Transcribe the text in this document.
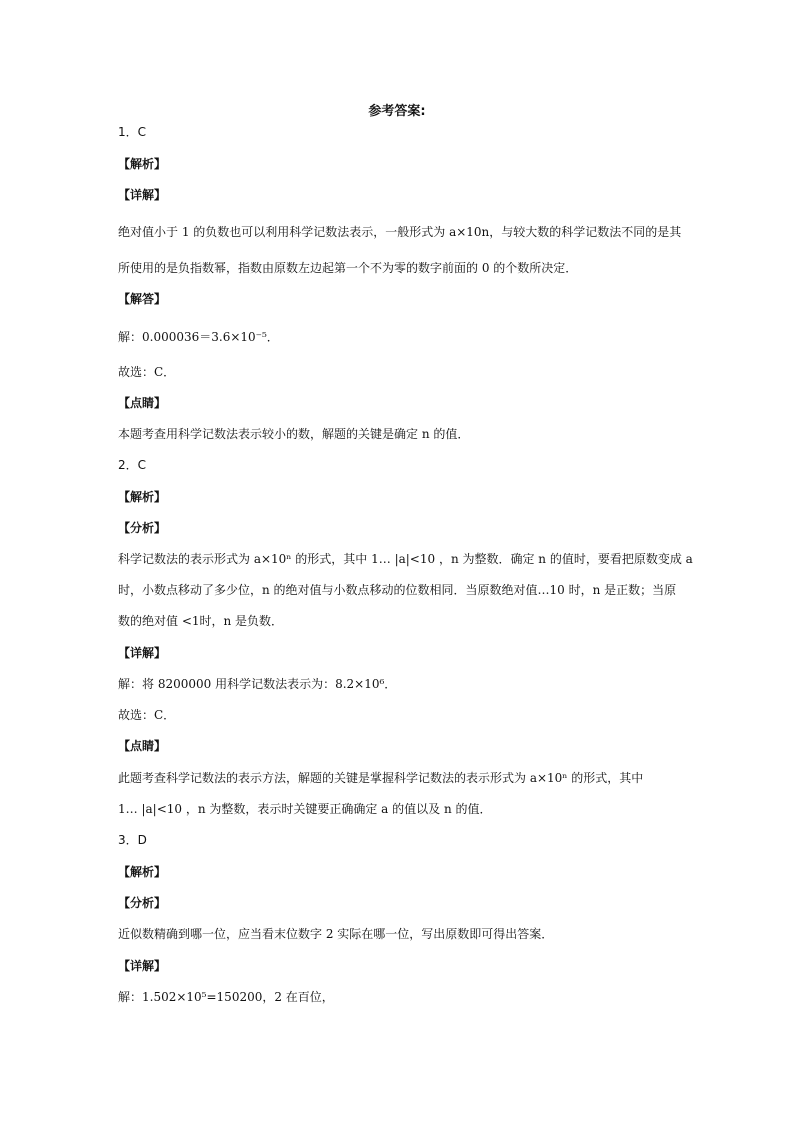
参考答案:
1．C
【解析】
【详解】
绝对值小于 1 的负数也可以利用科学记数法表示，一般形式为 a×10n，与较大数的科学记数法不同的是其
所使用的是负指数幂，指数由原数左边起第一个不为零的数字前面的 0 的个数所决定．
【解答】
解：0.000036＝3.6×10⁻⁵．
故选：C．
【点睛】
本题考查用科学记数法表示较小的数，解题的关键是确定 n 的值．
2．C
【解析】
【分析】
科学记数法的表示形式为 a×10ⁿ 的形式，其中 1… |a|<10 ，n 为整数．确定 n 的值时，要看把原数变成 a
时，小数点移动了多少位，n 的绝对值与小数点移动的位数相同．当原数绝对值…10 时，n 是正数；当原
数的绝对值 <1时，n 是负数．
【详解】
解：将 8200000 用科学记数法表示为：8.2×10⁶．
故选：C．
【点睛】
此题考查科学记数法的表示方法，解题的关键是掌握科学记数法的表示形式为 a×10ⁿ 的形式，其中
1… |a|<10 ，n 为整数，表示时关键要正确确定 a 的值以及 n 的值．
3．D
【解析】
【分析】
近似数精确到哪一位，应当看末位数字 2 实际在哪一位，写出原数即可得出答案．
【详解】
解：1.502×10⁵=150200，2 在百位，
